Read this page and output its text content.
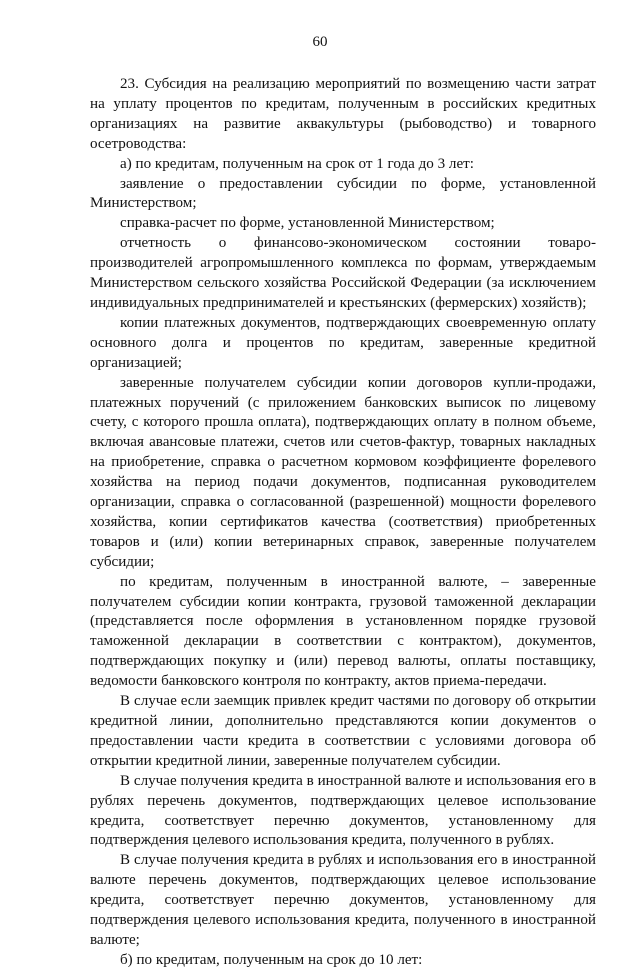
60

23. Субсидия на реализацию мероприятий по возмещению части затрат на уплату процентов по кредитам, полученным в российских кредитных организациях на развитие аквакультуры (рыбоводство) и товарного осетроводства:

а) по кредитам, полученным на срок от 1 года до 3 лет:

заявление о предоставлении субсидии по форме, установленной Министерством;

справка-расчет по форме, установленной Министерством;

отчетность о финансово-экономическом состоянии товаро-производителей агропромышленного комплекса по формам, утверждаемым Министерством сельского хозяйства Российской Федерации (за исключением индивидуальных предпринимателей и крестьянских (фермерских) хозяйств);

копии платежных документов, подтверждающих своевременную оплату основного долга и процентов по кредитам, заверенные кредитной организацией;

заверенные получателем субсидии копии договоров купли-продажи, платежных поручений (с приложением банковских выписок по лицевому счету, с которого прошла оплата), подтверждающих оплату в полном объеме, включая авансовые платежи, счетов или счетов-фактур, товарных накладных на приобретение, справка о расчетном кормовом коэффициенте форелевого хозяйства на период подачи документов, подписанная руководителем организации, справка о согласованной (разрешенной) мощности форелевого хозяйства, копии сертификатов качества (соответствия) приобретенных товаров и (или) копии ветеринарных справок, заверенные получателем субсидии;

по кредитам, полученным в иностранной валюте, – заверенные получателем субсидии копии контракта, грузовой таможенной декларации (представляется после оформления в установленном порядке грузовой таможенной декларации в соответствии с контрактом), документов, подтверждающих покупку и (или) перевод валюты, оплаты поставщику, ведомости банковского контроля по контракту, актов приема-передачи.

В случае если заемщик привлек кредит частями по договору об открытии кредитной линии, дополнительно представляются копии документов о предоставлении части кредита в соответствии с условиями договора об открытии кредитной линии, заверенные получателем субсидии.

В случае получения кредита в иностранной валюте и использования его в рублях перечень документов, подтверждающих целевое использование кредита, соответствует перечню документов, установленному для подтверждения целевого использования кредита, полученного в рублях.

В случае получения кредита в рублях и использования его в иностранной валюте перечень документов, подтверждающих целевое использование кредита, соответствует перечню документов, установленному для подтверждения целевого использования кредита, полученного в иностранной валюте;

б) по кредитам, полученным на срок до 10 лет:
